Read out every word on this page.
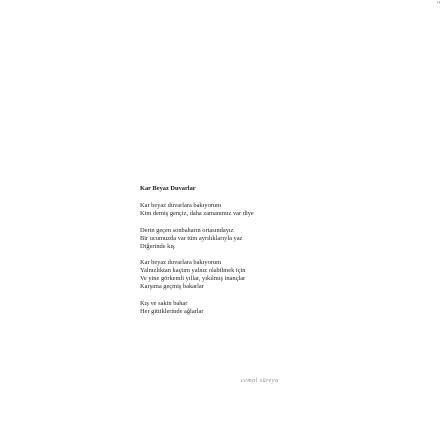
"
Kar Beyaz Duvarlar
Kar beyaz duvarlara bakıyorum
Kim demiş gençiz, daha zamanımız var diye
Derin geçen sonbaharın ortasındayız
Bir ucumuzda var tüm ayrılıklarıyla yaz
Diğerinde kış
Kar beyaz duvarlara bakıyorum
Yalnızlıktan kaçtım yalnız olabilmek için
Ve yine görkemli yıllar, yıkılmış inançlar
Karşıma geçmiş bakarlar
Kış ve sakin bahar
Her gittiklerinde ağlarlar
cemal süreya
